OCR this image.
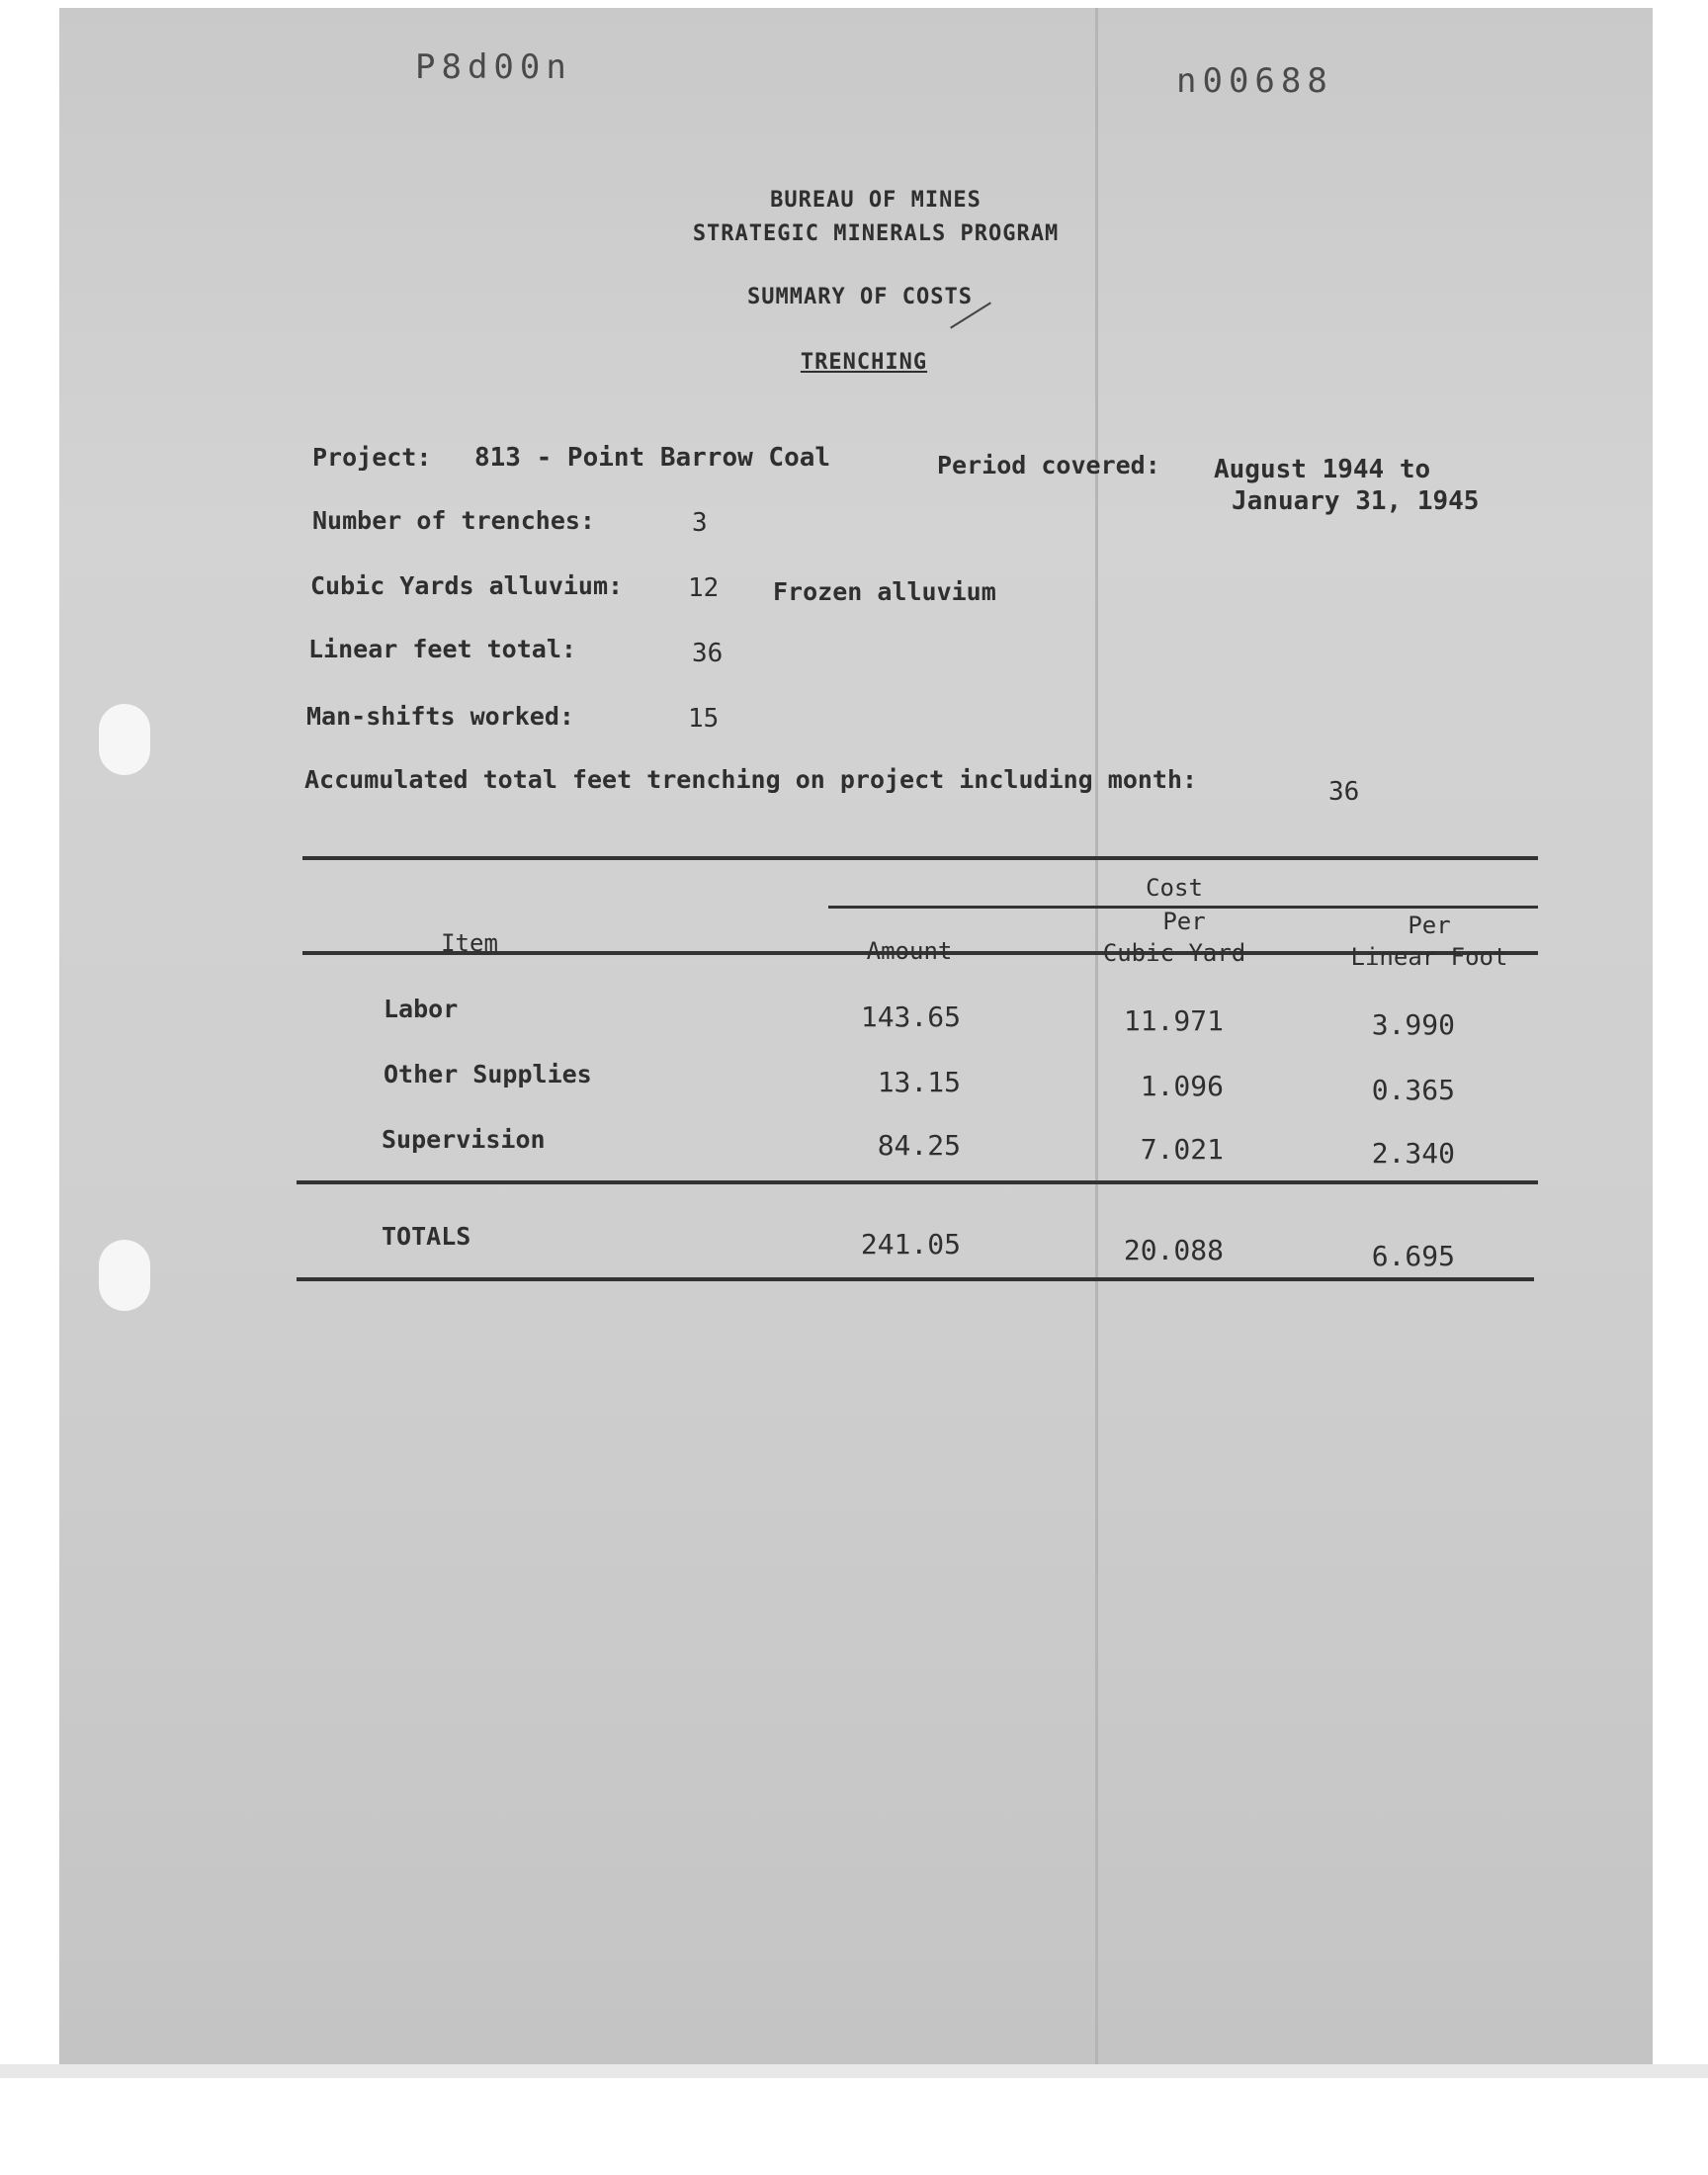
P8d00n	n00688
BUREAU OF MINES
STRATEGIC MINERALS PROGRAM
SUMMARY OF COSTS
TRENCHING
Project: 813 - Point Barrow Coal	Period covered: August 1944 to
January 31, 1945
Number of trenches:	3
Cubic Yards alluvium:	12 Frozen alluvium
Linear feet total:	36
Man-shifts worked:	15
Accumulated total feet trenching on project including month:	36
Cost
Item	Amount
Per
Cubic Yard
Per
Linear Foot
Labor	143.65	11.971	3.990
Other Supplies	13.15	1.096	0.365
Supervision	84.25	7.021	2.340
TOTALS	241.05	20.088	6.695
